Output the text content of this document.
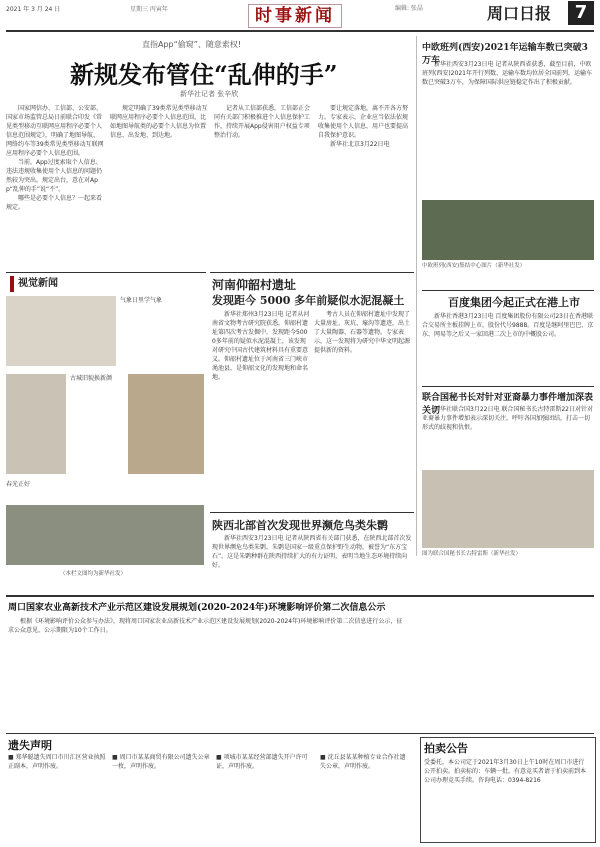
2021 年 3 月 24 日	星期三 丙寅年	时事新闻	编辑: 张晶	周口日报	7
直指App“偷窥”、随意索权!
新规发布管住“乱伸的手”
新华社记者 张辛欣

国家网信办、工信部、公安部、国家市场监管总局日前联合印发《常见类型移动互联网应用程序必要个人信息范围规定》，明确了地图导航、网络约车等39类常见类型移动互联网应用程序必要个人信息范围。

当前，App过度索取个人信息、违法违规收集使用个人信息的问题仍然较为突出。规定出台，意在对App“乱伸的手”说“不”。

哪些是必要个人信息？一起来看规定。

规定明确了39类常见类型移动互联网应用程序必要个人信息范围，比如地图导航类的必要个人信息为位置信息、出发地、到达地。

记者从工信部获悉，工信部正会同有关部门积极推进个人信息保护工作，持续开展App侵害用户权益专项整治行动。

要让规定落地，离不开各方努力。专家表示，企业应当依法依规收集使用个人信息，用户也要提高自我保护意识。

新华社北京3月22日电

视觉新闻
气象日里学气象
古城旧貌换新颜
春光正好
（本栏文图均为新华社发）
河南仰韶村遗址
发现距今 5000 多年前疑似水泥混凝土

新华社郑州3月23日电 记者从河南省文物考古研究院获悉，仰韶村遗址第四次考古发掘中，发现距今5000多年前的疑似水泥混凝土，该发现对研究中国古代建筑材料具有重要意义。仰韶村遗址位于河南省三门峡市渑池县，是仰韶文化的发现地和命名地。

考古人员在仰韶村遗址中发现了大量房址、灰坑、壕沟等遗迹，出土了大量陶器、石器等遗物。专家表示，这一发现将为研究中华文明起源提供新的资料。

陕西北部首次发现世界濒危鸟类朱鹮

新华社西安3月23日电 记者从陕西省有关部门获悉，在陕西北部首次发现世界濒危鸟类朱鹮。朱鹮是国家一级重点保护野生动物，被誉为“东方宝石”。这是朱鹮种群在陕西持续扩大的有力证明，表明当地生态环境持续向好。

中欧班列(西安)2021年运输车数已突破3万车

新华社西安3月23日电 记者从陕西省获悉，截至目前，中欧班列(西安)2021年开行列数、运输车数均位居全国前列，运输车数已突破3万车，为保障国际供应链稳定作出了积极贡献。

中欧班列(西安)集结中心图片（新华社发）
百度集团今起正式在港上市

新华社香港3月23日电 百度集团股份有限公司23日在香港联合交易所主板挂牌上市，股份代号9888。百度是继阿里巴巴、京东、网易等之后又一家回港二次上市的中概股公司。

联合国秘书长对针对亚裔暴力事件增加深表关切

新华社联合国3月22日电 联合国秘书长古特雷斯22日对针对亚裔暴力事件增加表示深切关注，呼吁各国加强团结，打击一切形式的歧视和仇恨。

图为联合国秘书长古特雷斯（新华社发）
周口国家农业高新技术产业示范区建设发展规划(2020-2024年)环境影响评价第二次信息公示

根据《环境影响评价公众参与办法》，现将周口国家农业高新技术产业示范区建设发展规划(2020-2024年)环境影响评价第二次信息进行公示，征求公众意见。公示期限为10个工作日。

遗失声明

■ 郑华聪遗失周口市川汇区营业执照正副本，声明作废。

■ 周口市某某商贸有限公司遗失公章一枚，声明作废。

■ 项城市某某经营部遗失开户许可证，声明作废。

■ 沈丘县某某种植专业合作社遗失公章，声明作废。

拍卖公告
受委托，本公司定于2021年3月30日上午10时在周口市进行公开拍卖。拍卖标的：车辆一批。有意竞买者请于拍卖前到本公司办理竞买手续。咨询电话：0394-8216
